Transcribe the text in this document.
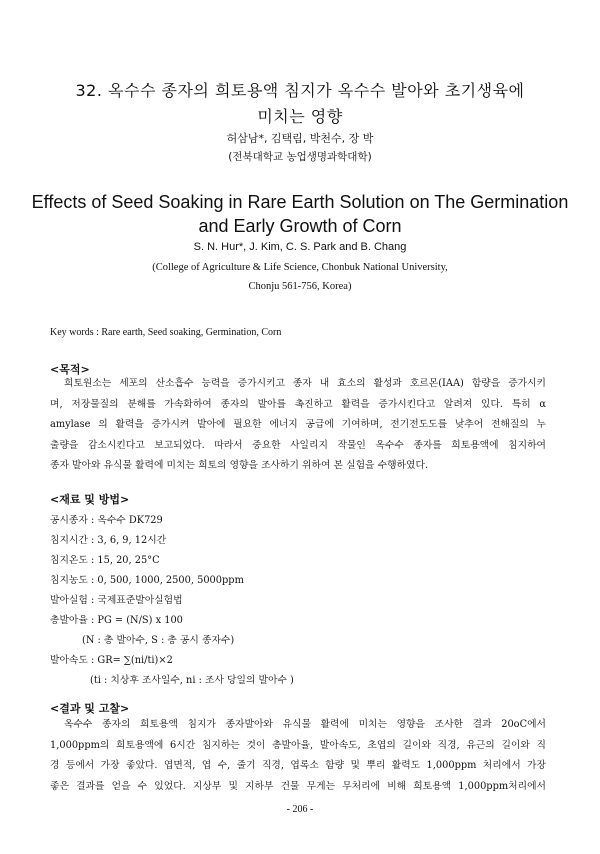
32. 옥수수 종자의 희토용액 침지가 옥수수 발아와 초기생육에
미치는 영향
허삼남*, 김택림, 박천수, 장 박
(전북대학교 농업생명과학대학)
Effects of Seed Soaking in Rare Earth Solution on The Germination
and Early Growth of Corn
S. N. Hur*, J. Kim, C. S. Park and B. Chang
(College of Agriculture & Life Science, Chonbuk National University,
Chonju 561-756, Korea)
Key words : Rare earth, Seed soaking, Germination, Corn
<목적>
희토원소는 세포의 산소흡수 능력을 증가시키고 종자 내 효소의 활성과 호르몬(IAA) 함량을 증가시키
며, 저장물질의 분해를 가속화하여 종자의 발아를 촉진하고 활력을 증가시킨다고 알려져 있다. 특히 α
amylase 의 활력을 증가시켜 발아에 필요한 에너지 공급에 기여하며, 전기전도도를 낮추어 전해질의 누
출량을 감소시킨다고 보고되었다. 따라서 중요한 사일리지 작물인 옥수수 종자를 희토용액에 침지하여
종자 발아와 유식물 활력에 미치는 희토의 영향을 조사하기 위하여 본 실험을 수행하였다.
<재료 및 방법>
공시종자 : 옥수수 DK729
침지시간 : 3, 6, 9, 12시간
침지온도 : 15, 20, 25°C
침지농도 : 0, 500, 1000, 2500, 5000ppm
발아실험 : 국제표준발아실험법
총발아율 : PG = (N/S) x 100
(N : 총 발아수, S : 총 공시 종자수)
발아속도 : GR= ∑(ni/ti)×2
(ti : 치상후 조사일수, ni : 조사 당일의 발아수 )
<결과 및 고찰>
옥수수 종자의 희토용액 침지가 종자발아와 유식물 활력에 미치는 영향을 조사한 결과 20oC에서
1,000ppm의 희토용액에 6시간 침지하는 것이 총발아율, 발아속도, 초엽의 길이와 직경, 유근의 길이와 직
경 등에서 가장 좋았다. 엽면적, 엽 수, 줄기 직경, 엽록소 함량 및 뿌리 활력도 1,000ppm 처리에서 가장
좋은 결과를 얻을 수 있었다. 지상부 및 지하부 건물 무게는 무처리에 비해 희토용액 1,000ppm처리에서
- 206 -
